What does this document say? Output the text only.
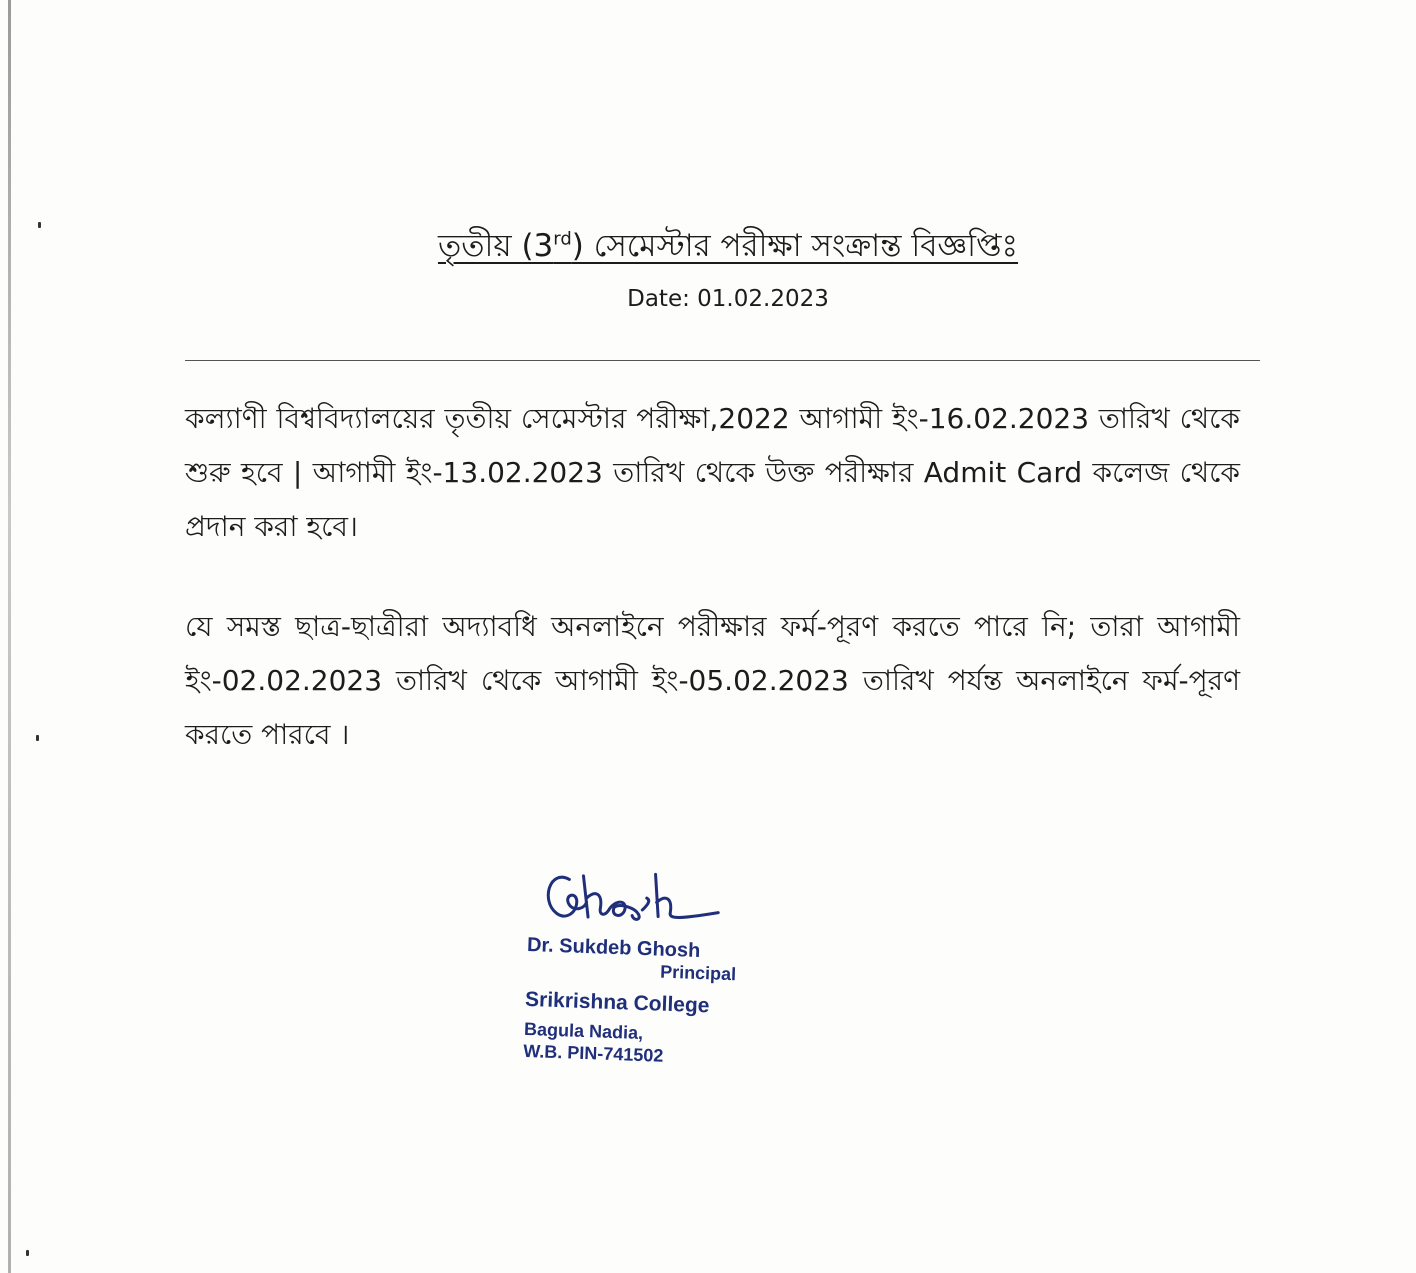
তৃতীয় (3rd) সেমেস্টার পরীক্ষা সংক্রান্ত বিজ্ঞপ্তিঃ
Date: 01.02.2023
কল্যাণী বিশ্ববিদ্যালয়ের তৃতীয় সেমেস্টার পরীক্ষা,2022 আগামী ইং-16.02.2023 তারিখ থেকে শুরু হবে | আগামী ইং-13.02.2023 তারিখ থেকে উক্ত পরীক্ষার Admit Card কলেজ থেকে প্রদান করা হবে।
যে সমস্ত ছাত্র-ছাত্রীরা অদ্যাবধি অনলাইনে পরীক্ষার ফর্ম-পূরণ করতে পারে নি; তারা আগামী ইং-02.02.2023 তারিখ থেকে আগামী ইং-05.02.2023 তারিখ পর্যন্ত অনলাইনে ফর্ম-পূরণ করতে পারবে ।
Dr. Sukdeb Ghosh
Principal
Srikrishna College
Bagula Nadia,
W.B. PIN-741502
